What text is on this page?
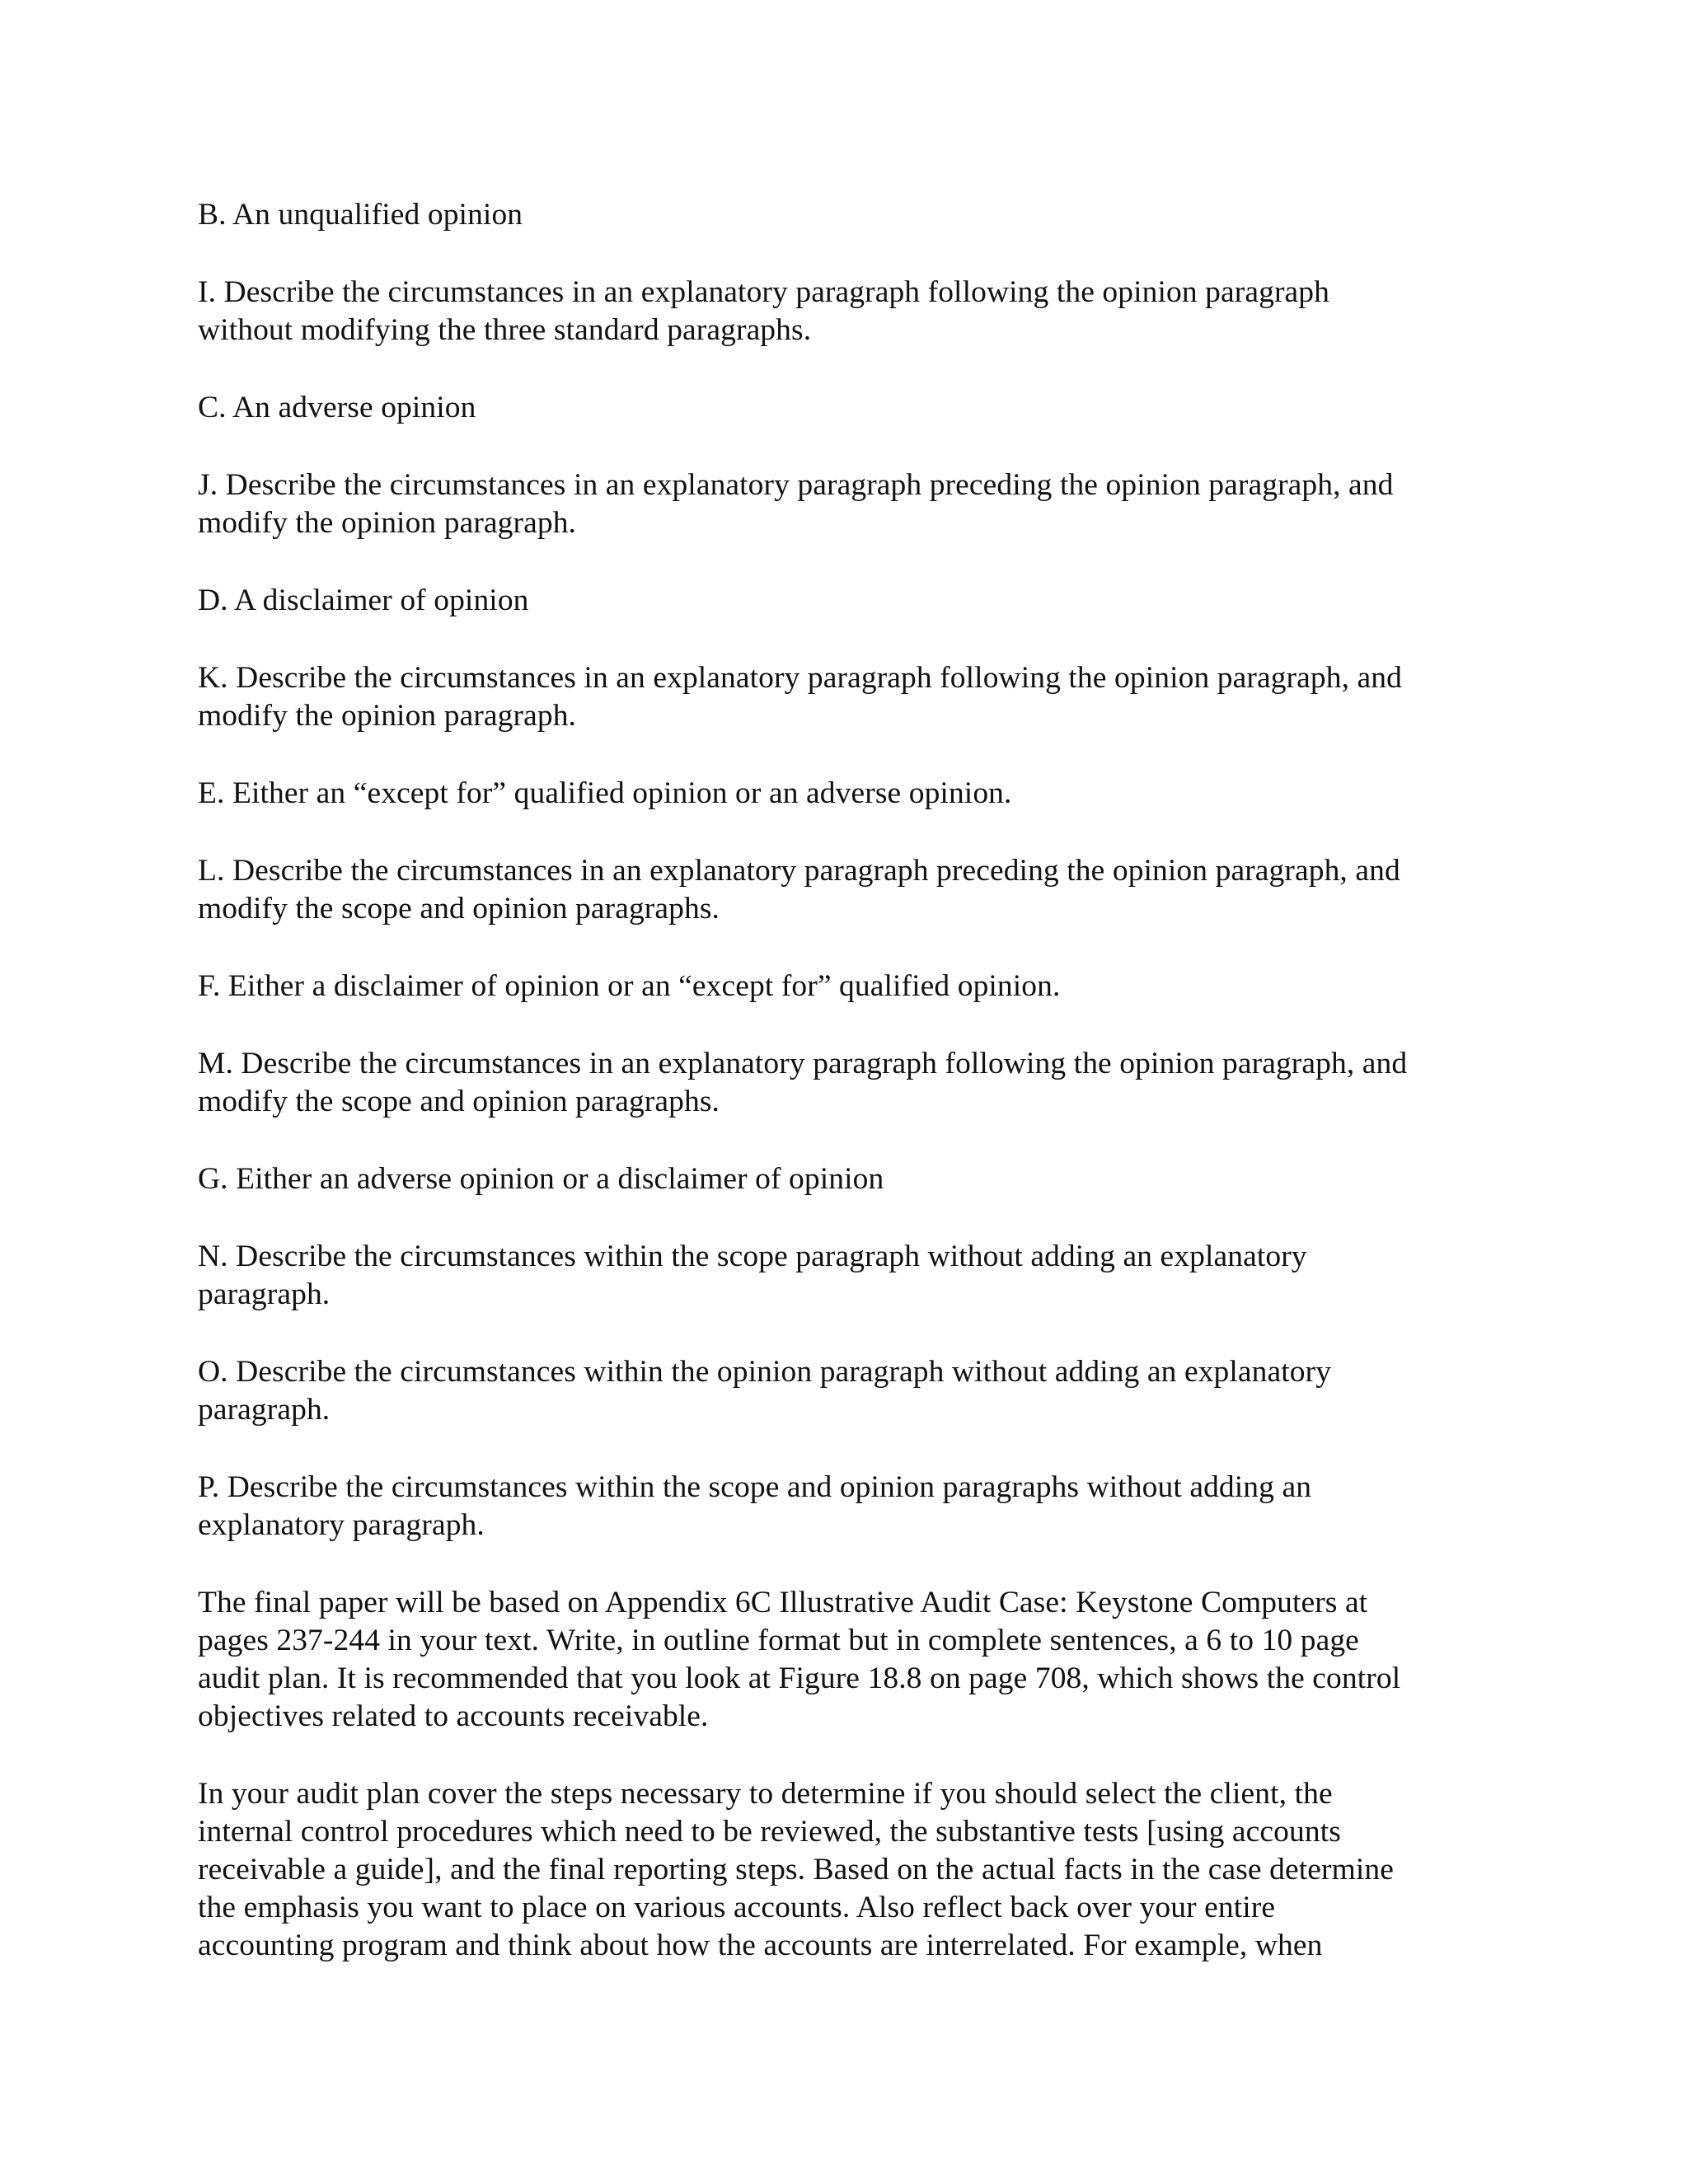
B. An unqualified opinion

I. Describe the circumstances in an explanatory paragraph following the opinion paragraph
without modifying the three standard paragraphs.

C. An adverse opinion

J. Describe the circumstances in an explanatory paragraph preceding the opinion paragraph, and
modify the opinion paragraph.

D. A disclaimer of opinion

K. Describe the circumstances in an explanatory paragraph following the opinion paragraph, and
modify the opinion paragraph.

E. Either an “except for” qualified opinion or an adverse opinion.

L. Describe the circumstances in an explanatory paragraph preceding the opinion paragraph, and
modify the scope and opinion paragraphs.

F. Either a disclaimer of opinion or an “except for” qualified opinion.

M. Describe the circumstances in an explanatory paragraph following the opinion paragraph, and
modify the scope and opinion paragraphs.

G. Either an adverse opinion or a disclaimer of opinion

N. Describe the circumstances within the scope paragraph without adding an explanatory
paragraph.

O. Describe the circumstances within the opinion paragraph without adding an explanatory
paragraph.

P. Describe the circumstances within the scope and opinion paragraphs without adding an
explanatory paragraph.

The final paper will be based on Appendix 6C Illustrative Audit Case: Keystone Computers at
pages 237-244 in your text. Write, in outline format but in complete sentences, a 6 to 10 page
audit plan. It is recommended that you look at Figure 18.8 on page 708, which shows the control
objectives related to accounts receivable.

In your audit plan cover the steps necessary to determine if you should select the client, the
internal control procedures which need to be reviewed, the substantive tests [using accounts
receivable a guide], and the final reporting steps. Based on the actual facts in the case determine
the emphasis you want to place on various accounts. Also reflect back over your entire
accounting program and think about how the accounts are interrelated. For example, when
